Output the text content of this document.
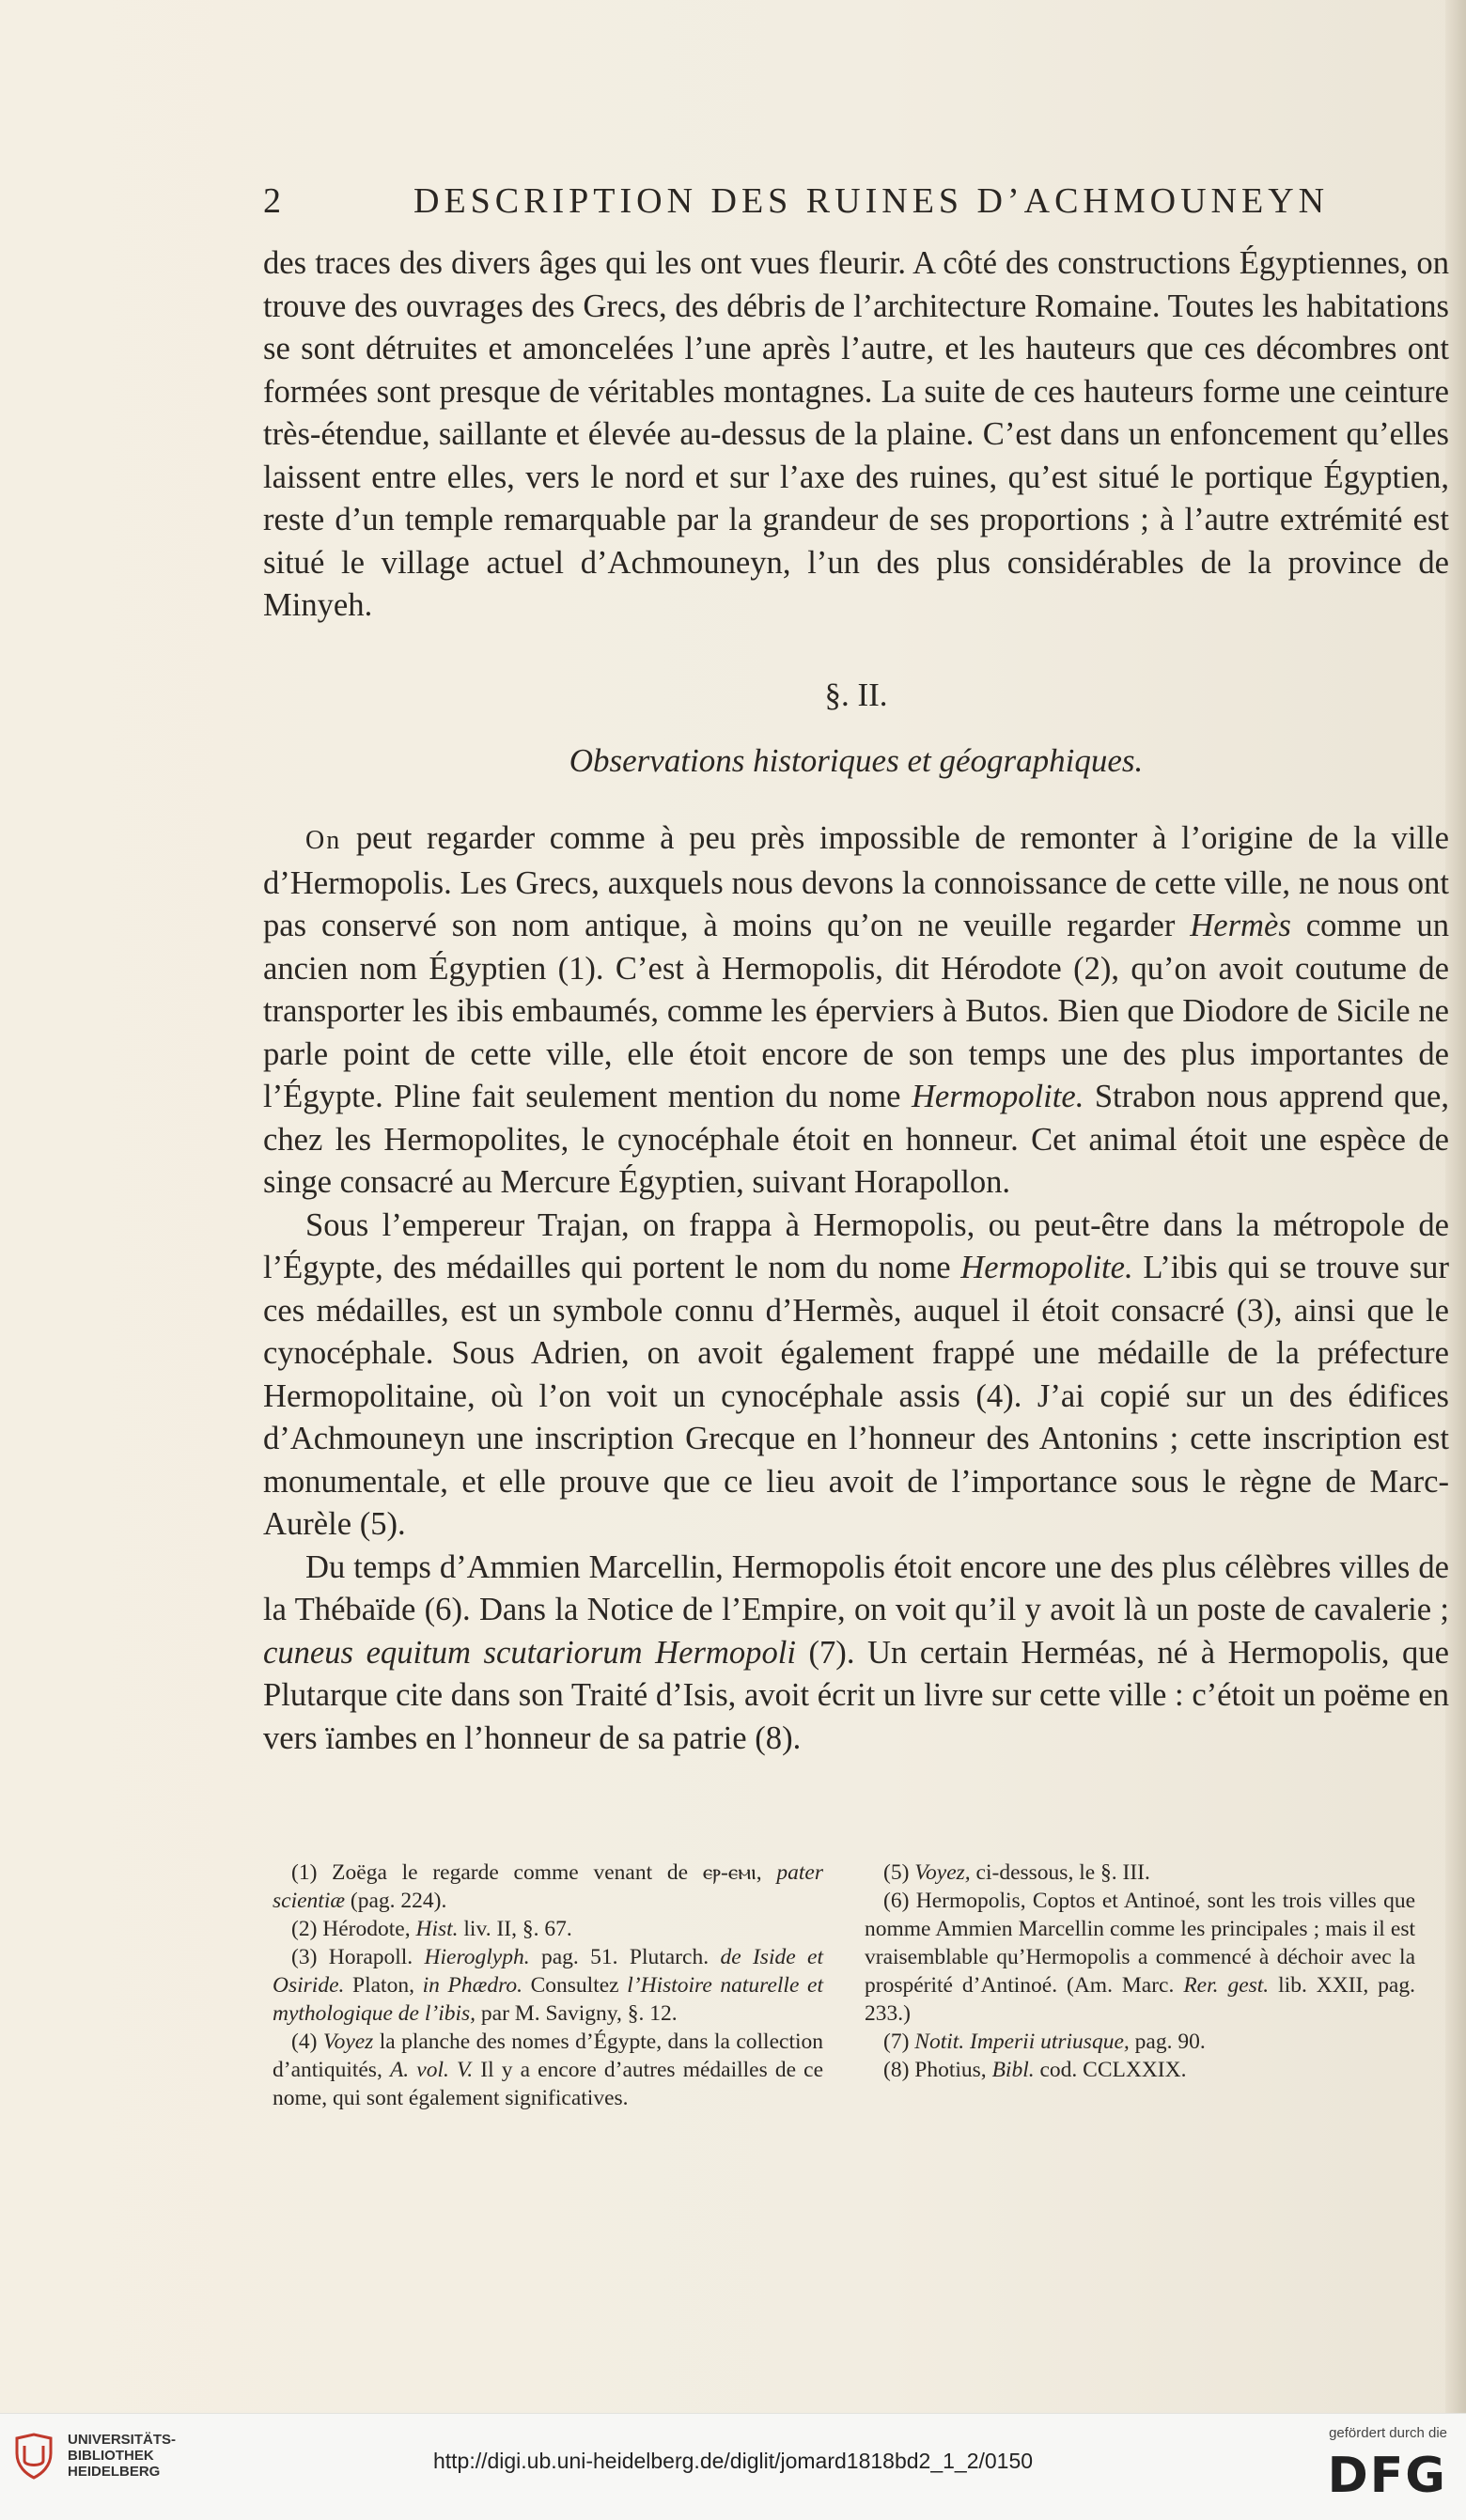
2	DESCRIPTION DES RUINES D’ACHMOUNEYN

des traces des divers âges qui les ont vues fleurir. A côté des constructions Égyptiennes, on trouve des ouvrages des Grecs, des débris de l’architecture Romaine. Toutes les habitations se sont détruites et amoncelées l’une après l’autre, et les hauteurs que ces décombres ont formées sont presque de véritables montagnes. La suite de ces hauteurs forme une ceinture très-étendue, saillante et élevée au-dessus de la plaine. C’est dans un enfoncement qu’elles laissent entre elles, vers le nord et sur l’axe des ruines, qu’est situé le portique Égyptien, reste d’un temple remarquable par la grandeur de ses proportions ; à l’autre extrémité est situé le village actuel d’Achmouneyn, l’un des plus considérables de la province de Minyeh.

§. II.
Observations historiques et géographiques.

On peut regarder comme à peu près impossible de remonter à l’origine de la ville d’Hermopolis. Les Grecs, auxquels nous devons la connoissance de cette ville, ne nous ont pas conservé son nom antique, à moins qu’on ne veuille regarder Hermès comme un ancien nom Égyptien (1). C’est à Hermopolis, dit Hérodote (2), qu’on avoit coutume de transporter les ibis embaumés, comme les éperviers à Butos. Bien que Diodore de Sicile ne parle point de cette ville, elle étoit encore de son temps une des plus importantes de l’Égypte. Pline fait seulement mention du nome Hermopolite. Strabon nous apprend que, chez les Hermopolites, le cynocéphale étoit en honneur. Cet animal étoit une espèce de singe consacré au Mercure Égyptien, suivant Horapollon.

Sous l’empereur Trajan, on frappa à Hermopolis, ou peut-être dans la métropole de l’Égypte, des médailles qui portent le nom du nome Hermopolite. L’ibis qui se trouve sur ces médailles, est un symbole connu d’Hermès, auquel il étoit consacré (3), ainsi que le cynocéphale. Sous Adrien, on avoit également frappé une médaille de la préfecture Hermopolitaine, où l’on voit un cynocéphale assis (4). J’ai copié sur un des édifices d’Achmouneyn une inscription Grecque en l’honneur des Antonins ; cette inscription est monumentale, et elle prouve que ce lieu avoit de l’importance sous le règne de Marc-Aurèle (5).

Du temps d’Ammien Marcellin, Hermopolis étoit encore une des plus célèbres villes de la Thébaïde (6). Dans la Notice de l’Empire, on voit qu’il y avoit là un poste de cavalerie ; cuneus equitum scutariorum Hermopoli (7). Un certain Herméas, né à Hermopolis, que Plutarque cite dans son Traité d’Isis, avoit écrit un livre sur cette ville : c’étoit un poëme en vers ïambes en l’honneur de sa patrie (8).

(1) Zoëga le regarde comme venant de ⲉⲣ-ⲉⲙⲓ, pater scientiæ (pag. 224).

(2) Hérodote, Hist. liv. II, §. 67.

(3) Horapoll. Hieroglyph. pag. 51. Plutarch. de Iside et Osiride. Platon, in Phædro. Consultez l’Histoire naturelle et mythologique de l’ibis, par M. Savigny, §. 12.

(4) Voyez la planche des nomes d’Égypte, dans la collection d’antiquités, A. vol. V. Il y a encore d’autres médailles de ce nome, qui sont également significatives.

(5) Voyez, ci-dessous, le §. III.

(6) Hermopolis, Coptos et Antinoé, sont les trois villes que nomme Ammien Marcellin comme les principales ; mais il est vraisemblable qu’Hermopolis a commencé à déchoir avec la prospérité d’Antinoé. (Am. Marc. Rer. gest. lib. XXII, pag. 233.)

(7) Notit. Imperii utriusque, pag. 90.

(8) Photius, Bibl. cod. CCLXXIX.

UNIVERSITÄTS-
BIBLIOTHEK
HEIDELBERG	http://digi.ub.uni-heidelberg.de/diglit/jomard1818bd2_1_2/0150
gefördert durch die
DFG
